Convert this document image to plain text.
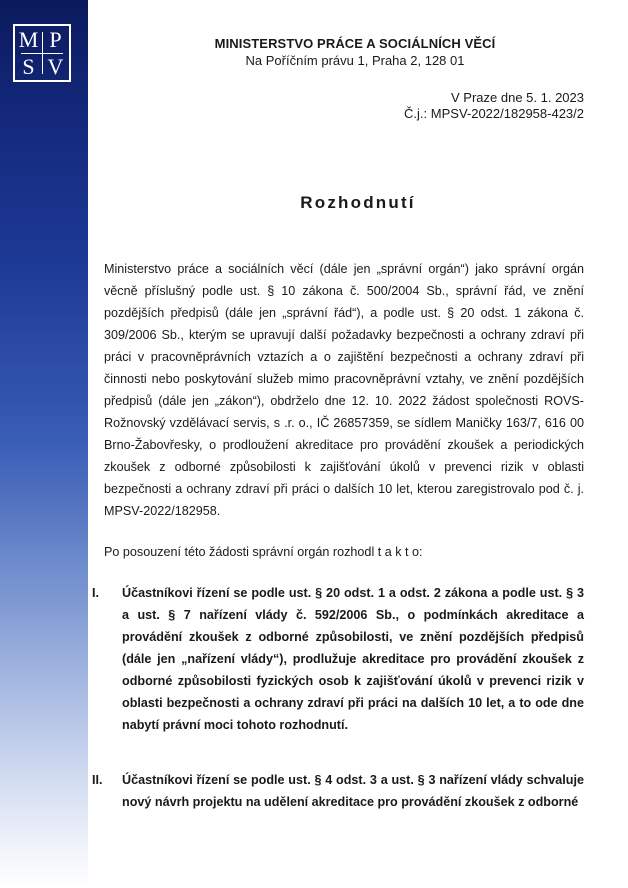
M P
S V
MINISTERSTVO PRÁCE A SOCIÁLNÍCH VĚCÍ
Na Poříčním právu 1, Praha 2, 128 01
V Praze dne 5. 1. 2023
Č.j.: MPSV-2022/182958-423/2
Rozhodnutí
Ministerstvo práce a sociálních věcí (dále jen „správní orgán“) jako správní orgán věcně příslušný podle ust. § 10 zákona č. 500/2004 Sb., správní řád, ve znění pozdějších předpisů (dále jen „správní řád“), a podle ust. § 20 odst. 1 zákona č. 309/2006 Sb., kterým se upravují další požadavky bezpečnosti a ochrany zdraví při práci v pracovněprávních vztazích a o zajištění bezpečnosti a ochrany zdraví při činnosti nebo poskytování služeb mimo pracovněprávní vztahy, ve znění pozdějších předpisů (dále jen „zákon“), obdrželo dne 12. 10. 2022 žádost společnosti ROVS-Rožnovský vzdělávací servis, s .r. o., IČ 26857359, se sídlem Maničky 163/7, 616 00 Brno-Žabovřesky, o prodloužení akreditace pro provádění zkoušek a periodických zkoušek z odborné způsobilosti k zajišťování úkolů v prevenci rizik v oblasti bezpečnosti a ochrany zdraví při práci o dalších 10 let, kterou zaregistrovalo pod č. j. MPSV-2022/182958.
Po posouzení této žádosti správní orgán rozhodl t a k t o:
I.	Účastníkovi řízení se podle ust. § 20 odst. 1 a odst. 2 zákona a podle ust. § 3 a ust. § 7 nařízení vlády č. 592/2006 Sb., o podmínkách akreditace a provádění zkoušek z odborné způsobilosti, ve znění pozdějších předpisů (dále jen „nařízení vlády“), prodlužuje akreditace pro provádění zkoušek z odborné způsobilosti fyzických osob k zajišťování úkolů v prevenci rizik v oblasti bezpečnosti a ochrany zdraví při práci na dalších 10 let, a to ode dne nabytí právní moci tohoto rozhodnutí.
II.	Účastníkovi řízení se podle ust. § 4 odst. 3 a ust. § 3 nařízení vlády schvaluje nový návrh projektu na udělení akreditace pro provádění zkoušek z odborné
